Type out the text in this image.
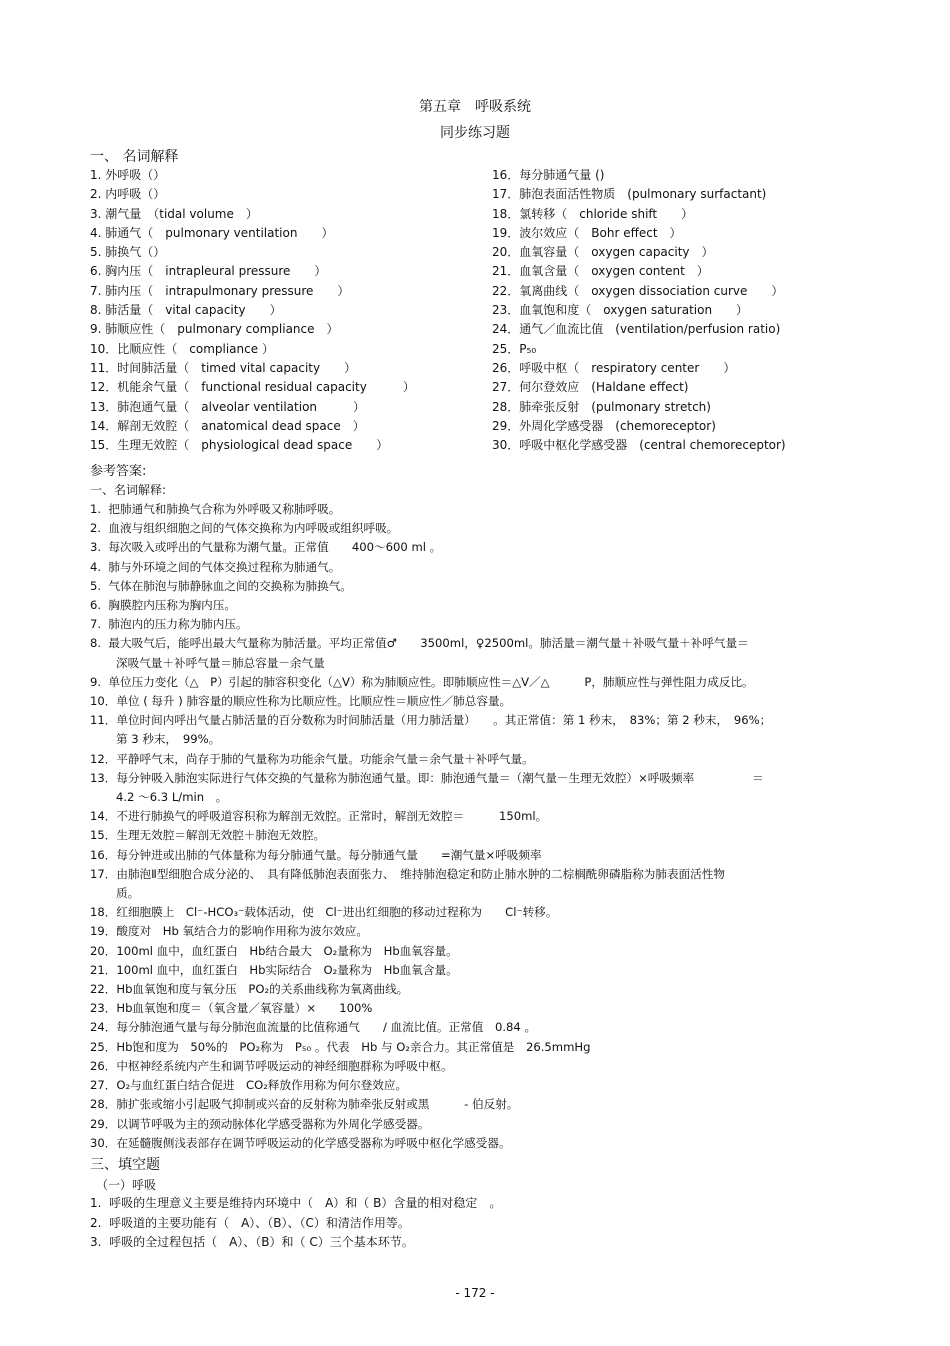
第五章　呼吸系统
同步练习题
一、 名词解释
1. 外呼吸（）
2. 内呼吸（）
3. 潮气量　（tidal volume　）
4. 肺通气（　pulmonary ventilation　　）
5. 肺换气（）
6. 胸内压（　intrapleural pressure　　）
7. 肺内压（　intrapulmonary pressure　　）
8. 肺活量（　vital capacity　　）
9. 肺顺应性（　pulmonary compliance　）
10．比顺应性（　compliance ）
11．时间肺活量（　timed vital capacity　　）
12．机能余气量（　functional residual capacity　　　）
13．肺泡通气量（　alveolar ventilation　　　）
14．解剖无效腔（　anatomical dead space　）
15．生理无效腔（　physiological dead space　　）
16．每分肺通气量 ()
17．肺泡表面活性物质　(pulmonary surfactant)
18．氯转移（　chloride shift　　）
19．波尔效应（　Bohr effect　）
20．血氧容量（　oxygen capacity　）
21．血氧含量（　oxygen content　）
22．氧离曲线（　oxygen dissociation curve　　）
23．血氧饱和度（　oxygen saturation　　）
24．通气／血流比值　(ventilation/perfusion ratio)
25．P₅₀
26．呼吸中枢（　respiratory center　　）
27．何尔登效应　(Haldane effect)
28．肺牵张反射　(pulmonary stretch)
29．外周化学感受器　(chemoreceptor)
30．呼吸中枢化学感受器　(central chemoreceptor)
参考答案:
一、名词解释:
1.  把肺通气和肺换气合称为外呼吸又称肺呼吸。
2.  血液与组织细胞之间的气体交换称为内呼吸或组织呼吸。
3.  每次吸入或呼出的气量称为潮气量。正常值　　400～600 ml 。
4.  肺与外环境之间的气体交换过程称为肺通气。
5.  气体在肺泡与肺静脉血之间的交换称为肺换气。
6.  胸膜腔内压称为胸内压。
7.  肺泡内的压力称为肺内压。
8.  最大吸气后，能呼出最大气量称为肺活量。平均正常值♂　　3500ml，♀2500ml。肺活量＝潮气量＋补吸气量＋补呼气量＝
深吸气量＋补呼气量＝肺总容量－余气量
9.  单位压力变化（△　P）引起的肺容积变化（△V）称为肺顺应性。即肺顺应性＝△V／△　　　P，肺顺应性与弹性阻力成反比。
10．单位 ( 每升 ) 肺容量的顺应性称为比顺应性。比顺应性＝顺应性／肺总容量。
11．单位时间内呼出气量占肺活量的百分数称为时间肺活量（用力肺活量）　　。其正常值：第 1 秒末，　83%；第 2 秒末，　96%；
第 3 秒末，　99%。
12．平静呼气末，尚存于肺的气量称为功能余气量。功能余气量＝余气量＋补呼气量。
13．每分钟吸入肺泡实际进行气体交换的气量称为肺泡通气量。即：肺泡通气量＝（潮气量－生理无效腔）×呼吸频率　　　　　＝
4.2 ～6.3 L/min　。
14．不进行肺换气的呼吸道容积称为解剖无效腔。正常时，解剖无效腔＝　　　150ml。
15．生理无效腔＝解剖无效腔＋肺泡无效腔。
16．每分钟进或出肺的气体量称为每分肺通气量。每分肺通气量　　=潮气量×呼吸频率
17．由肺泡Ⅱ型细胞合成分泌的、　具有降低肺泡表面张力、　维持肺泡稳定和防止肺水肿的二棕榈酰卵磷脂称为肺表面活性物
质。
18．红细胞膜上　Cl⁻-HCO₃⁻载体活动，使　Cl⁻进出红细胞的移动过程称为　　Cl⁻转移。
19．酸度对　Hb 氧结合力的影响作用称为波尔效应。
20．100ml 血中，血红蛋白　Hb结合最大　O₂量称为　Hb血氧容量。
21．100ml 血中，血红蛋白　Hb实际结合　O₂量称为　Hb血氧含量。
22．Hb血氧饱和度与氧分压　PO₂的关系曲线称为氧离曲线。
23．Hb血氧饱和度＝（氧含量／氧容量）×　　100%
24．每分肺泡通气量与每分肺泡血流量的比值称通气　　/ 血流比值。正常值　0.84 。
25．Hb饱和度为　50%的　PO₂称为　P₅₀ 。代表　Hb 与 O₂亲合力。其正常值是　26.5mmHg
26．中枢神经系统内产生和调节呼吸运动的神经细胞群称为呼吸中枢。
27．O₂与血红蛋白结合促进　CO₂释放作用称为何尔登效应。
28．肺扩张或缩小引起吸气抑制或兴奋的反射称为肺牵张反射或黑　　　- 伯反射。
29．以调节呼吸为主的颈动脉体化学感受器称为外周化学感受器。
30．在延髓腹侧浅表部存在调节呼吸运动的化学感受器称为呼吸中枢化学感受器。
三、填空题
（一）呼吸
1.  呼吸的生理意义主要是维持内环境中（　A）和（ B）含量的相对稳定　。
2.  呼吸道的主要功能有（　A）、（B）、（C）和清洁作用等。
3.  呼吸的全过程包括（　A）、（B）和（ C）三个基本环节。
- 172 -
